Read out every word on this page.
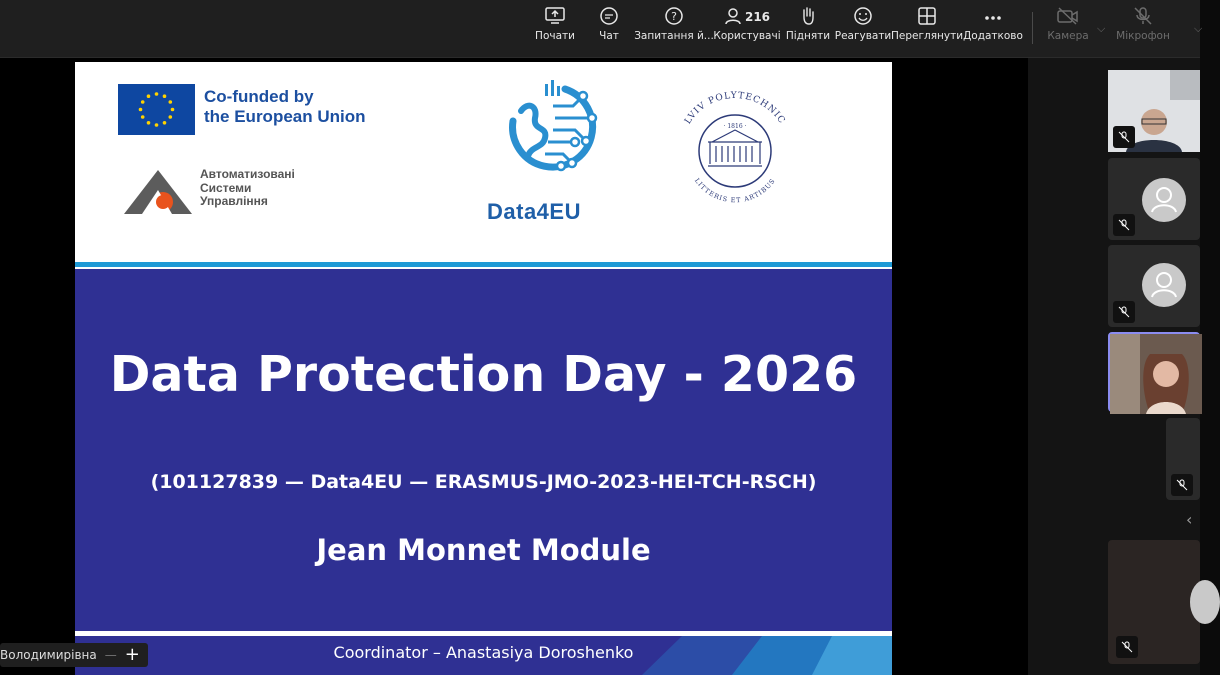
Почати Чат
?
Запитання й...
216
Користувачі Підняти Реагувати Переглянути Додатково Камера
⌵
Мікрофон
⌵
Co-funded by
the European Union
Автоматизовані
Системи
Управління	Data4EU
LVIV POLYTECHNIC
LITTERIS ET ARTIBUS
· 1816 ·
Data Protection Day - 2026
(101127839 — Data4EU — ERASMUS-JMO-2023-HEI-TCH-RSCH)
Jean Monnet Module
Coordinator – Anastasiya Doroshenko
Володимирівна — +
‹
